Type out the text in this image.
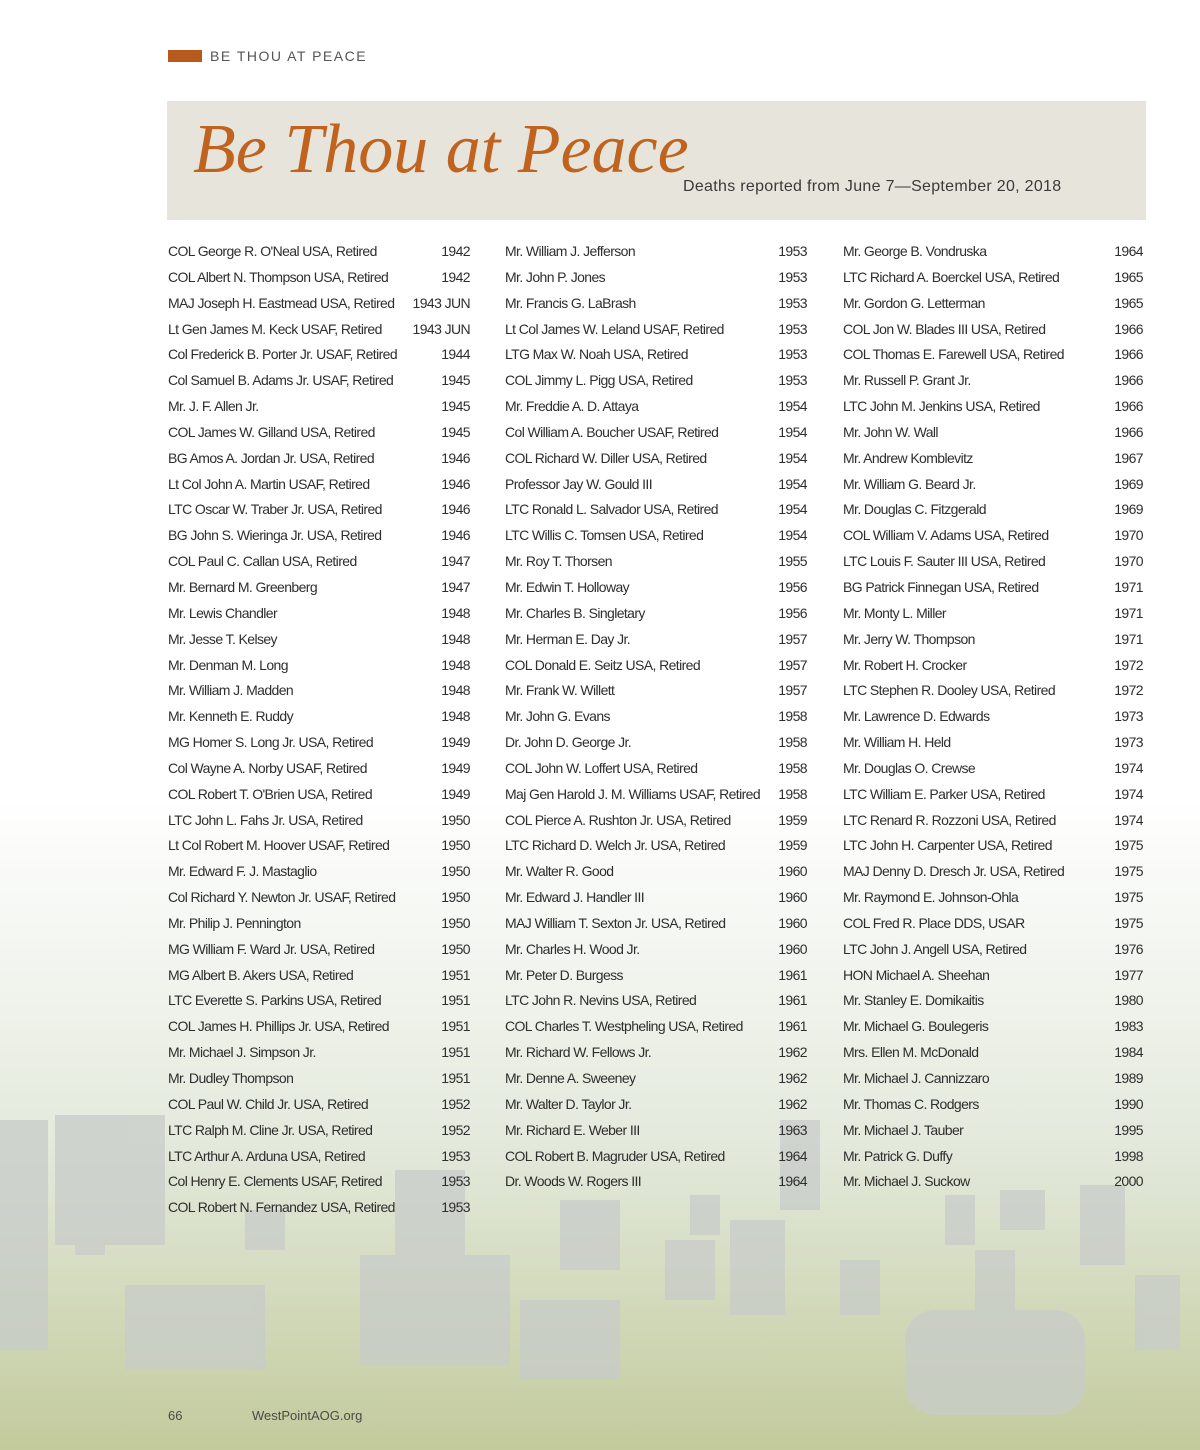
BE THOU AT PEACE
Be Thou at Peace
Deaths reported from June 7—September 20, 2018
COL George R. O'Neal USA, Retired	1942
COL Albert N. Thompson USA, Retired	1942
MAJ Joseph H. Eastmead USA, Retired 1943 JUN
Lt Gen James M. Keck USAF, Retired 1943 JUN
Col Frederick B. Porter Jr. USAF, Retired	1944
Col Samuel B. Adams Jr. USAF, Retired	1945
Mr. J. F. Allen Jr.	1945
COL James W. Gilland USA, Retired	1945
BG Amos A. Jordan Jr. USA, Retired	1946
Lt Col John A. Martin USAF, Retired	1946
LTC Oscar W. Traber Jr. USA, Retired	1946
BG John S. Wieringa Jr. USA, Retired	1946
COL Paul C. Callan USA, Retired	1947
Mr. Bernard M. Greenberg	1947
Mr. Lewis Chandler	1948
Mr. Jesse T. Kelsey	1948
Mr. Denman M. Long	1948
Mr. William J. Madden	1948
Mr. Kenneth E. Ruddy	1948
MG Homer S. Long Jr. USA, Retired	1949
Col Wayne A. Norby USAF, Retired	1949
COL Robert T. O'Brien USA, Retired	1949
LTC John L. Fahs Jr. USA, Retired	1950
Lt Col Robert M. Hoover USAF, Retired	1950
Mr. Edward F. J. Mastaglio	1950
Col Richard Y. Newton Jr. USAF, Retired	1950
Mr. Philip J. Pennington	1950
MG William F. Ward Jr. USA, Retired	1950
MG Albert B. Akers USA, Retired	1951
LTC Everette S. Parkins USA, Retired	1951
COL James H. Phillips Jr. USA, Retired	1951
Mr. Michael J. Simpson Jr.	1951
Mr. Dudley Thompson	1951
COL Paul W. Child Jr. USA, Retired	1952
LTC Ralph M. Cline Jr. USA, Retired	1952
LTC Arthur A. Arduna USA, Retired	1953
Col Henry E. Clements USAF, Retired	1953
COL Robert N. Fernandez USA, Retired	1953
Mr. William J. Jefferson	1953
Mr. John P. Jones	1953
Mr. Francis G. LaBrash	1953
Lt Col James W. Leland USAF, Retired	1953
LTG Max W. Noah USA, Retired	1953
COL Jimmy L. Pigg USA, Retired	1953
Mr. Freddie A. D. Attaya	1954
Col William A. Boucher USAF, Retired	1954
COL Richard W. Diller USA, Retired	1954
Professor Jay W. Gould III	1954
LTC Ronald L. Salvador USA, Retired	1954
LTC Willis C. Tomsen USA, Retired	1954
Mr. Roy T. Thorsen	1955
Mr. Edwin T. Holloway	1956
Mr. Charles B. Singletary	1956
Mr. Herman E. Day Jr.	1957
COL Donald E. Seitz USA, Retired	1957
Mr. Frank W. Willett	1957
Mr. John G. Evans	1958
Dr. John D. George Jr.	1958
COL John W. Loffert USA, Retired	1958
Maj Gen Harold J. M. Williams USAF, Retired 1958
COL Pierce A. Rushton Jr. USA, Retired	1959
LTC Richard D. Welch Jr. USA, Retired	1959
Mr. Walter R. Good	1960
Mr. Edward J. Handler III	1960
MAJ William T. Sexton Jr. USA, Retired	1960
Mr. Charles H. Wood Jr.	1960
Mr. Peter D. Burgess	1961
LTC John R. Nevins USA, Retired	1961
COL Charles T. Westpheling USA, Retired	1961
Mr. Richard W. Fellows Jr.	1962
Mr. Denne A. Sweeney	1962
Mr. Walter D. Taylor Jr.	1962
Mr. Richard E. Weber III	1963
COL Robert B. Magruder USA, Retired	1964
Dr. Woods W. Rogers III	1964
Mr. George B. Vondruska	1964
LTC Richard A. Boerckel USA, Retired	1965
Mr. Gordon G. Letterman	1965
COL Jon W. Blades III USA, Retired	1966
COL Thomas E. Farewell USA, Retired	1966
Mr. Russell P. Grant Jr.	1966
LTC John M. Jenkins USA, Retired	1966
Mr. John W. Wall	1966
Mr. Andrew Komblevitz	1967
Mr. William G. Beard Jr.	1969
Mr. Douglas C. Fitzgerald	1969
COL William V. Adams USA, Retired	1970
LTC Louis F. Sauter III USA, Retired	1970
BG Patrick Finnegan USA, Retired	1971
Mr. Monty L. Miller	1971
Mr. Jerry W. Thompson	1971
Mr. Robert H. Crocker	1972
LTC Stephen R. Dooley USA, Retired	1972
Mr. Lawrence D. Edwards	1973
Mr. William H. Held	1973
Mr. Douglas O. Crewse	1974
LTC William E. Parker USA, Retired	1974
LTC Renard R. Rozzoni USA, Retired	1974
LTC John H. Carpenter USA, Retired	1975
MAJ Denny D. Dresch Jr. USA, Retired	1975
Mr. Raymond E. Johnson-Ohla	1975
COL Fred R. Place DDS, USAR	1975
LTC John J. Angell USA, Retired	1976
HON Michael A. Sheehan	1977
Mr. Stanley E. Domikaitis	1980
Mr. Michael G. Boulegeris	1983
Mrs. Ellen M. McDonald	1984
Mr. Michael J. Cannizzaro	1989
Mr. Thomas C. Rodgers	1990
Mr. Michael J. Tauber	1995
Mr. Patrick G. Duffy	1998
Mr. Michael J. Suckow	2000
66	WestPointAOG.org
